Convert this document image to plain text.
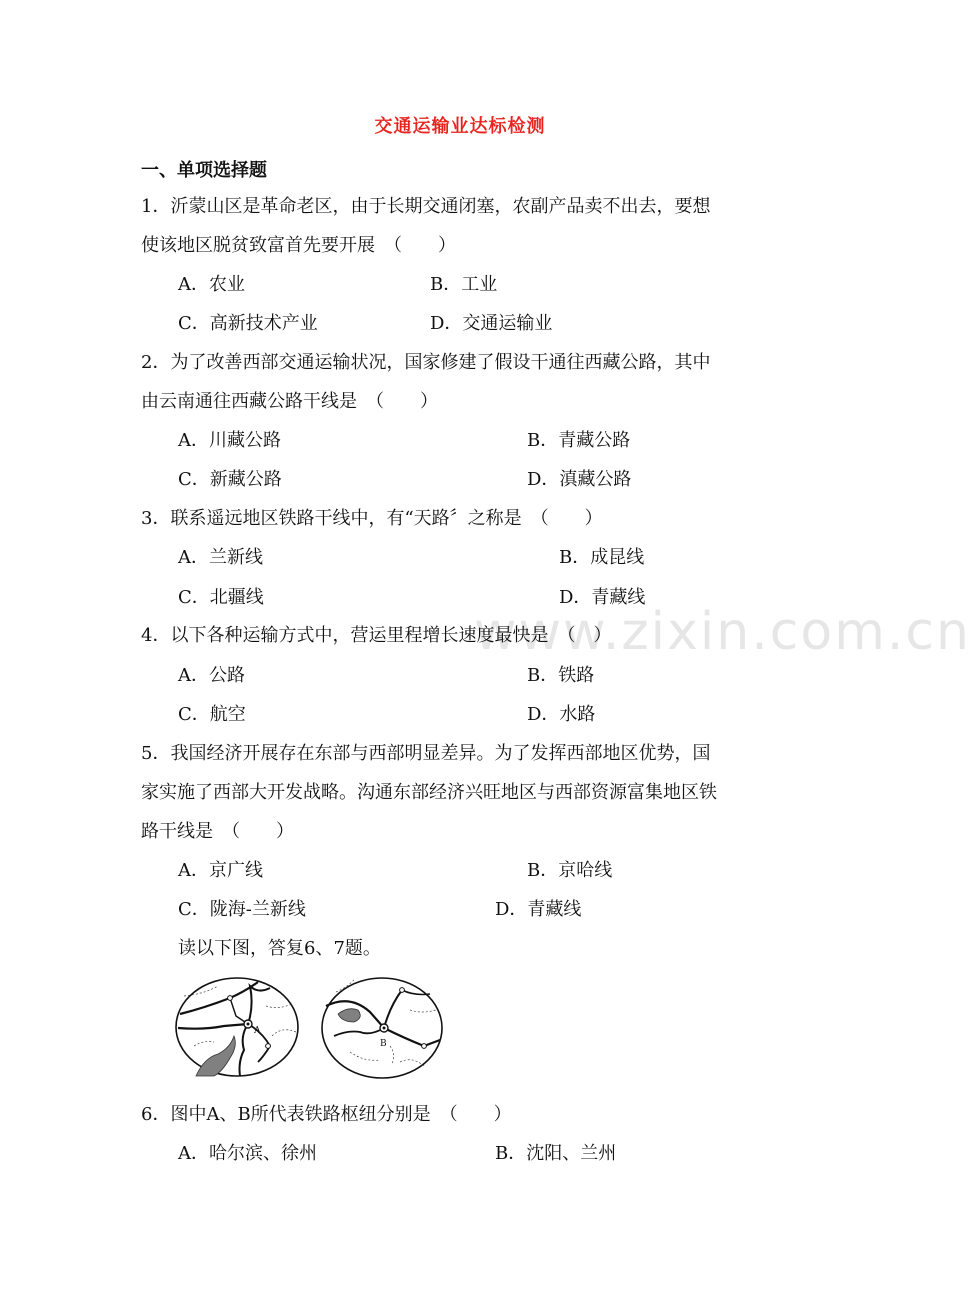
交通运输业达标检测
一、单项选择题
www.zixin.com.cn
1．沂蒙山区是革命老区，由于长期交通闭塞，农副产品卖不出去，要想
使该地区脱贫致富首先要开展　（　　）
A．农业	B．工业
C．高新技术产业	D．交通运输业
2．为了改善西部交通运输状况，国家修建了假设干通往西藏公路，其中
由云南通往西藏公路干线是　（　　）
A．川藏公路	B．青藏公路
C．新藏公路	D．滇藏公路
3．联系遥远地区铁路干线中，有“天路〞之称是　（　　）
A．兰新线	B．成昆线
C．北疆线	D．青藏线
4．以下各种运输方式中，营运里程增长速度最快是　（　）
A．公路	B．铁路
C．航空	D．水路
5．我国经济开展存在东部与西部明显差异。为了发挥西部地区优势，国
家实施了西部大开发战略。沟通东部经济兴旺地区与西部资源富集地区铁
路干线是　（　　）
A．京广线	B．京哈线
C．陇海-兰新线	D．青藏线
读以下图，答复6、7题。
A
B
6．图中A、B所代表铁路枢纽分别是　（　　）
A．哈尔滨、徐州	B．沈阳、兰州
